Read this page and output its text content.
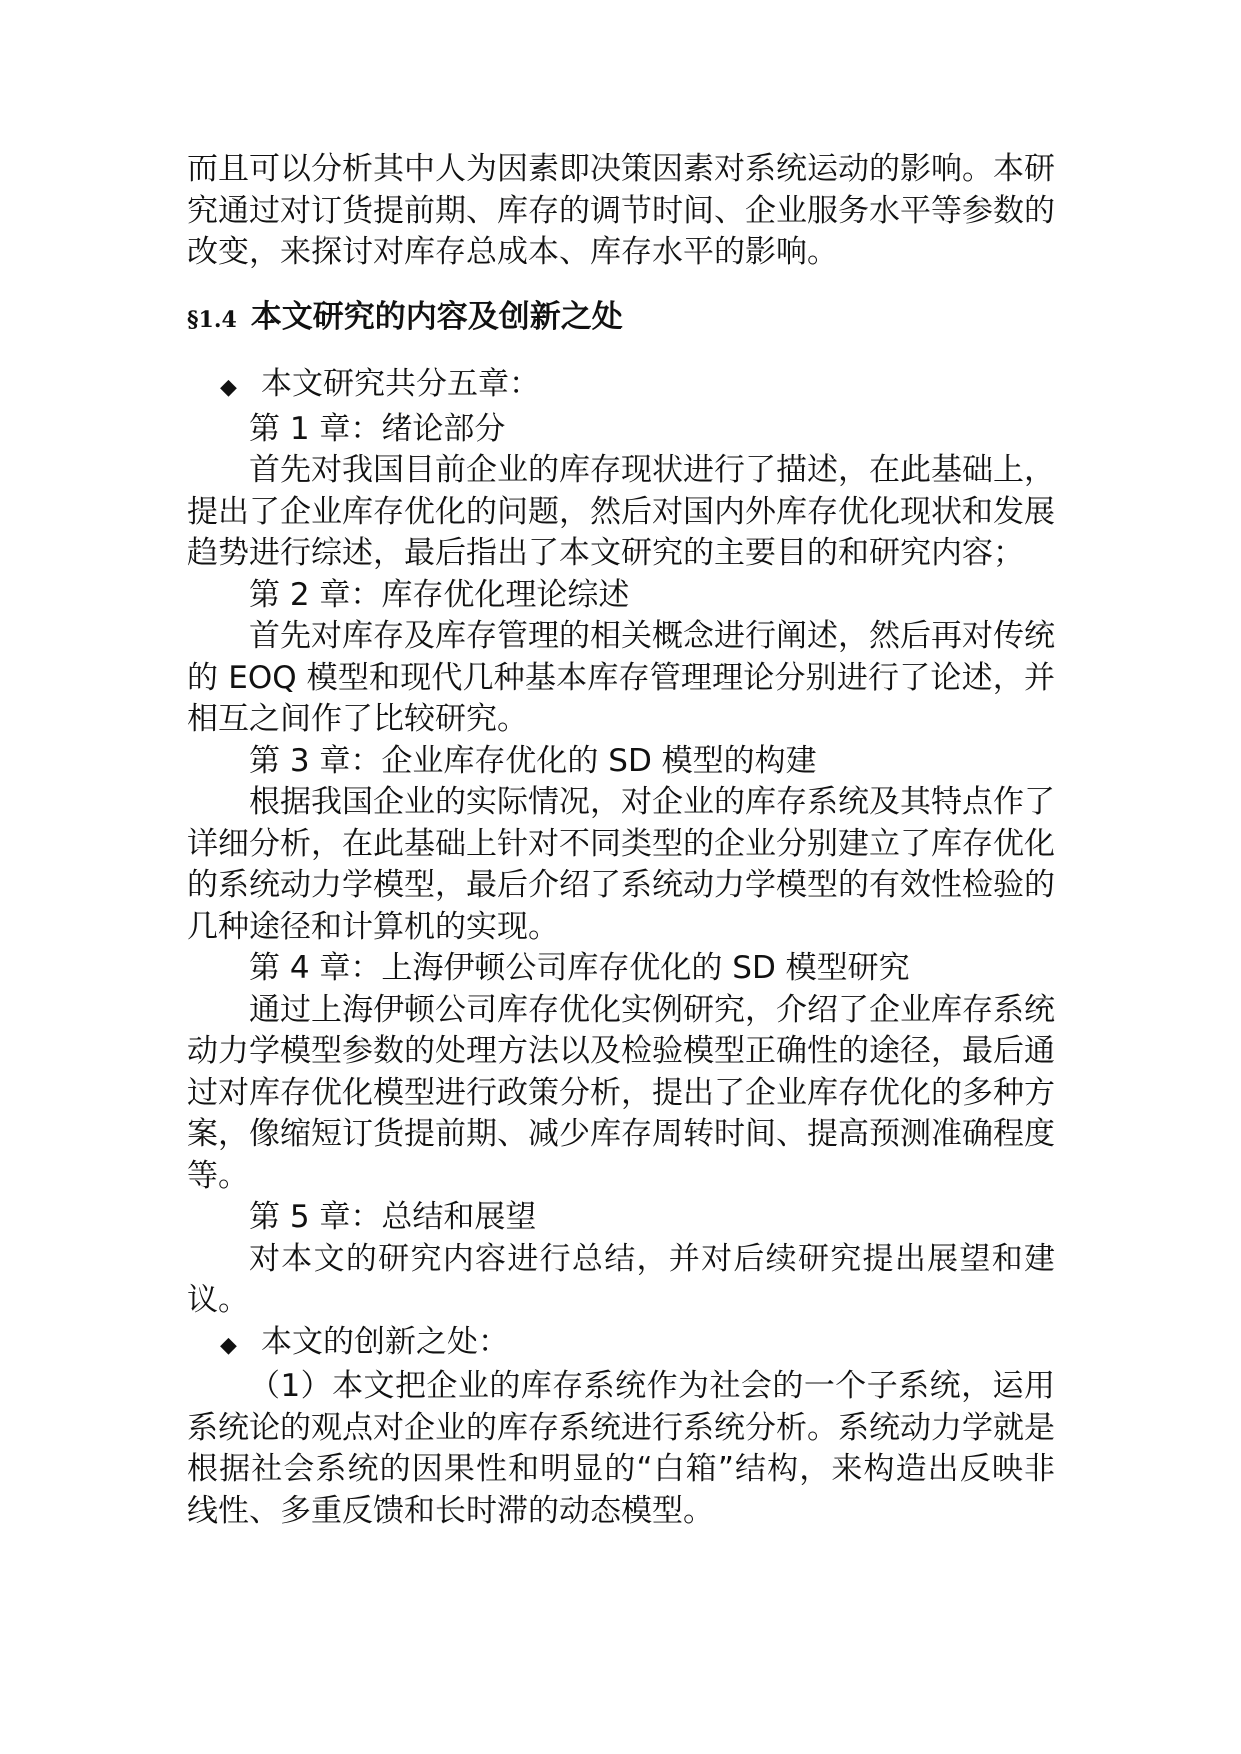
而且可以分析其中人为因素即决策因素对系统运动的影响。本研究通过对订货提前期、库存的调节时间、企业服务水平等参数的改变，来探讨对库存总成本、库存水平的影响。

§1.4 本文研究的内容及创新之处

◆ 本文研究共分五章：

第 1 章：绪论部分

首先对我国目前企业的库存现状进行了描述，在此基础上，提出了企业库存优化的问题，然后对国内外库存优化现状和发展趋势进行综述，最后指出了本文研究的主要目的和研究内容；

第 2 章：库存优化理论综述

首先对库存及库存管理的相关概念进行阐述，然后再对传统的 EOQ 模型和现代几种基本库存管理理论分别进行了论述，并相互之间作了比较研究。

第 3 章：企业库存优化的 SD 模型的构建

根据我国企业的实际情况，对企业的库存系统及其特点作了详细分析，在此基础上针对不同类型的企业分别建立了库存优化的系统动力学模型，最后介绍了系统动力学模型的有效性检验的几种途径和计算机的实现。

第 4 章：上海伊顿公司库存优化的 SD 模型研究

通过上海伊顿公司库存优化实例研究，介绍了企业库存系统动力学模型参数的处理方法以及检验模型正确性的途径，最后通过对库存优化模型进行政策分析，提出了企业库存优化的多种方案，像缩短订货提前期、减少库存周转时间、提高预测准确程度等。

第 5 章：总结和展望

对本文的研究内容进行总结，并对后续研究提出展望和建议。

◆ 本文的创新之处：

（1）本文把企业的库存系统作为社会的一个子系统，运用系统论的观点对企业的库存系统进行系统分析。系统动力学就是根据社会系统的因果性和明显的“白箱”结构，来构造出反映非线性、多重反馈和长时滞的动态模型。
